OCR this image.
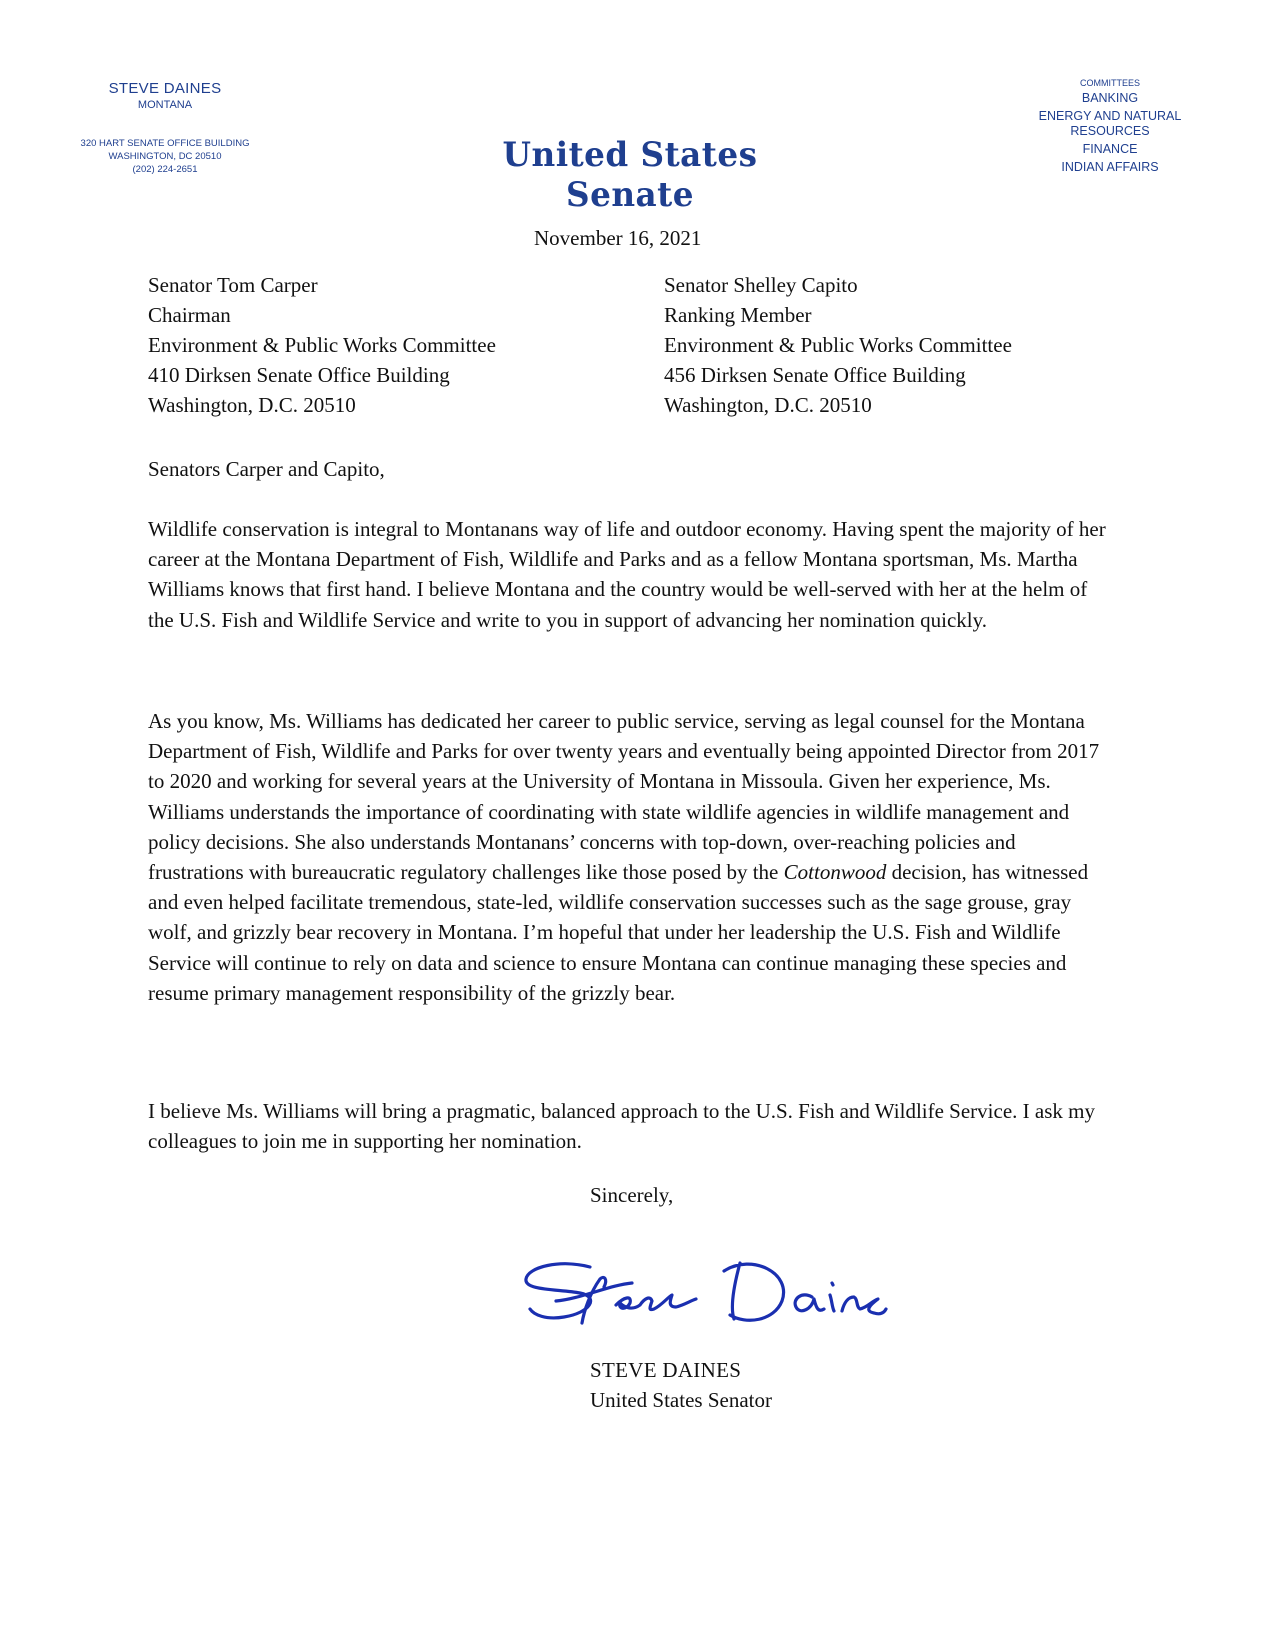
STEVE DAINES
MONTANA
320 HART SENATE OFFICE BUILDING
WASHINGTON, DC 20510
(202) 224-2651	United States Senate
COMMITTEES
BANKING
ENERGY AND NATURAL RESOURCES
FINANCE
INDIAN AFFAIRS
November 16, 2021
Senator Tom Carper
Chairman
Environment & Public Works Committee
410 Dirksen Senate Office Building
Washington, D.C. 20510
Senator Shelley Capito
Ranking Member
Environment & Public Works Committee
456 Dirksen Senate Office Building
Washington, D.C. 20510
Senators Carper and Capito,

Wildlife conservation is integral to Montanans way of life and outdoor economy. Having spent the majority of her career at the Montana Department of Fish, Wildlife and Parks and as a fellow Montana sportsman, Ms. Martha Williams knows that first hand. I believe Montana and the country would be well-served with her at the helm of the U.S. Fish and Wildlife Service and write to you in support of advancing her nomination quickly.

As you know, Ms. Williams has dedicated her career to public service, serving as legal counsel for the Montana Department of Fish, Wildlife and Parks for over twenty years and eventually being appointed Director from 2017 to 2020 and working for several years at the University of Montana in Missoula. Given her experience, Ms. Williams understands the importance of coordinating with state wildlife agencies in wildlife management and policy decisions. She also understands Montanans’ concerns with top-down, over-reaching policies and frustrations with bureaucratic regulatory challenges like those posed by the Cottonwood decision, has witnessed and even helped facilitate tremendous, state-led, wildlife conservation successes such as the sage grouse, gray wolf, and grizzly bear recovery in Montana. I’m hopeful that under her leadership the U.S. Fish and Wildlife Service will continue to rely on data and science to ensure Montana can continue managing these species and resume primary management responsibility of the grizzly bear.

I believe Ms. Williams will bring a pragmatic, balanced approach to the U.S. Fish and Wildlife Service. I ask my colleagues to join me in supporting her nomination.

Sincerely,
STEVE DAINES
United States Senator
